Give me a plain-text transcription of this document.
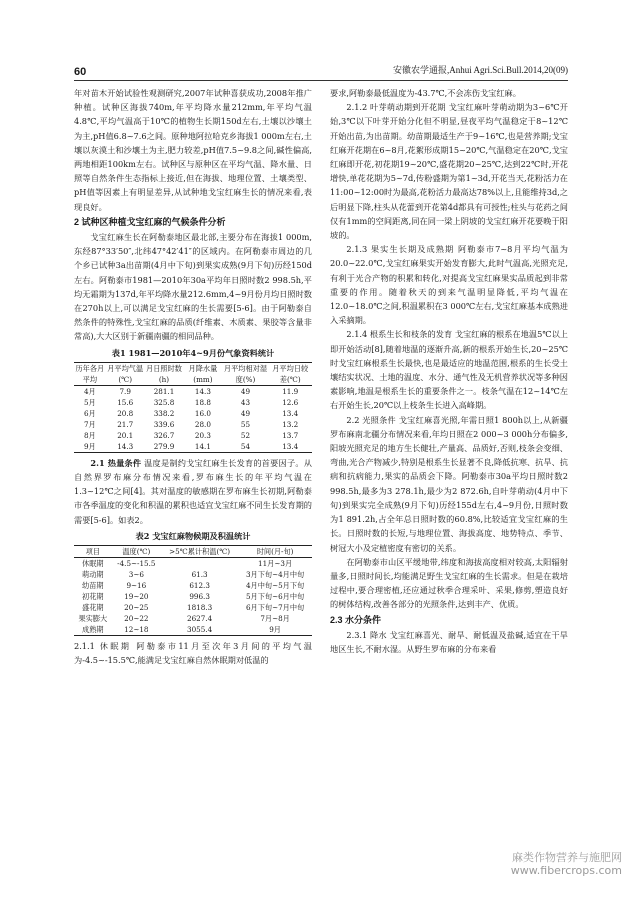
60	安徽农学通报,Anhui Agri.Sci.Bull.2014,20(09)

年对苗木开始试验性观测研究,2007年试种喜获成功,2008年推广种植。试种区海拔740m,年平均降水量212mm,年平均气温4.8℃,平均气温高于10℃的植物生长期150d左右,土壤以沙壤土为主,pH值6.8~7.6之间。原种地阿拉哈克乡海拔1 000m左右,土壤以灰漠土和沙壤土为主,肥力较差,pH值7.5~9.8之间,碱性偏高,两地相距100km左右。试种区与原种区在平均气温、降水量、日照等自然条件生态指标上接近,但在海拔、地理位置、土壤类型、pH值等因素上有明显差异,从试种地戈宝红麻生长的情况来看,表现良好。

2 试种区种植戈宝红麻的气候条件分析

戈宝红麻生长在阿勒泰地区最北部,主要分布在海拔1 000m,东经87°33′50″,北纬47°42′41″的区域内。在阿勒泰市周边的几个乡已试种3a出苗期(4月中下旬)到果实成熟(9月下旬)历经150d左右。阿勒泰市1981—2010年30a平均年日照时数2 998.5h,平均无霜期为137d,年平均降水量212.6mm,4~9月份月均日照时数在270h以上,可以满足戈宝红麻的生长需要[5-6]。由于阿勒泰自然条件的特殊性,戈宝红麻的品质(纤维素、木质素、果胶等含量非常高),大大区别于新疆南疆的相同品种。

表1 1981—2010年4~9月份气象资料统计
历年各月平均	月平均气温(℃)	月日照时数(h)	月降水量(mm)	月平均相对湿度(%)	月平均日较差(℃)
4月	7.9	281.1	14.3	49	11.9
5月	15.6	325.8	18.8	43	12.6
6月	20.8	338.2	16.0	49	13.4
7月	21.7	339.6	28.0	55	13.2
8月	20.1	326.7	20.3	52	13.7
9月	14.3	279.9	14.1	54	13.4

2.1 热量条件 温度是制约戈宝红麻生长发育的首要因子。从自然界罗布麻分布情况来看,罗布麻生长的年平均气温在1.3~12℃之间[4]。其对温度的敏感期在罗布麻生长初期,阿勒泰市各季温度的变化和积温的累积也适宜戈宝红麻不同生长发育期的需要[5-6]。如表2。

表2 戈宝红麻物候期及积温统计
项目	温度(℃)	>5℃累计积温(℃)	时间(月-旬)
休眠期	-4.5~-15.5		11月~3月
萌动期	3~6	61.3	3月下旬~4月中旬
幼苗期	9~16	612.3	4月中旬~5月下旬
初花期	19~20	996.3	5月下旬~6月中旬
盛花期	20~25	1818.3	6月下旬~7月中旬
果实膨大	20~22	2627.4	7月~8月
成熟期	12~18	3055.4	9月

2.1.1 休眠期 阿勒泰市11月至次年3月间的平均气温为-4.5~-15.5℃,能满足戈宝红麻自然休眠期对低温的

要求,阿勒泰最低温度为-43.7℃,不会冻伤戈宝红麻。

2.1.2 叶芽萌动期到开花期 戈宝红麻叶芽萌动期为3~6℃开始,3℃以下叶芽开始分化但不明显,昼夜平均气温稳定于8~12℃开始出苗,为出苗期。幼苗期最适生产于9~16℃,也是营养期;戈宝红麻开花期在6~8月,花絮形成期15~20℃,气温稳定在20℃,戈宝红麻即开花,初花期19~20℃,盛花期20~25℃,达到22℃时,开花增快,单花花期为5~7d,传粉盛期为第1~3d,开花当天,花粉活力在11:00~12:00时为最高,花粉活力最高达78%以上,且能维持3d,之后明显下降,柱头从花蕾到开花第4d都具有可授性;柱头与花药之间仅有1mm的空间距离,同在同一梁上阴坡的戈宝红麻开花要晚于阳坡的。

2.1.3 果实生长期及成熟期 阿勒泰市7~8月平均气温为20.0~22.0℃,戈宝红麻果实开始发育膨大,此时气温高,光照充足,有利于光合产物的积累和转化,对提高戈宝红麻果实品质起到非常重要的作用。随着秋天的到来气温明显降低,平均气温在12.0~18.0℃之间,积温累积在3 000℃左右,戈宝红麻基本成熟进入采摘期。

2.1.4 根系生长和枝条的发育 戈宝红麻的根系在地温5℃以上即开始活动[8],随着地温的逐渐升高,新的根系开始生长,20~25℃时戈宝红麻根系生长最快,也是最适应的地温范围,根系的生长受土壤结实状况、土地的温度、水分、通气性及无机营养状况等多种因素影响,地温是根系生长的重要条件之一。枝条气温在12~14℃左右开始生长,20℃以上枝条生长进入高峰期。

2.2 光照条件 戈宝红麻喜光照,年需日照1 800h以上,从新疆罗布麻南北疆分布情况来看,年均日照在2 000~3 000h分布偏多,阳坡光照充足的地方生长健壮,产量高、品质好,否则,枝条会变细、弯曲,光合产物减少,特别是根系生长显著不良,降低抗寒、抗旱、抗病和抗病能力,果实的品质会下降。阿勒泰市30a平均日照时数2 998.5h,最多为3 278.1h,最少为2 872.6h,自叶芽萌动(4月中下旬)到果实完全成熟(9月下旬)历经155d左右,4~9月份,日照时数为1 891.2h,占全年总日照时数的60.8%,比较适宜戈宝红麻的生长。日照时数的长短,与地理位置、海拔高度、地势特点、季节、树冠大小及定植密度有密切的关系。

在阿勒泰市山区平缓地带,纬度和海拔高度相对较高,太阳辐射量多,日照时间长,均能满足野生戈宝红麻的生长需求。但是在栽培过程中,要合理密植,还应通过秋季合理采叶、采果,修剪,塑造良好的树体结构,改善各部分的光照条件,达到丰产、优质。

2.3 水分条件

2.3.1 降水 戈宝红麻喜光、耐旱、耐低温及盐碱,适宜在干旱地区生长,不耐水湿。从野生罗布麻的分布来看

麻类作物营养与施肥网
www.fibercrops.com
